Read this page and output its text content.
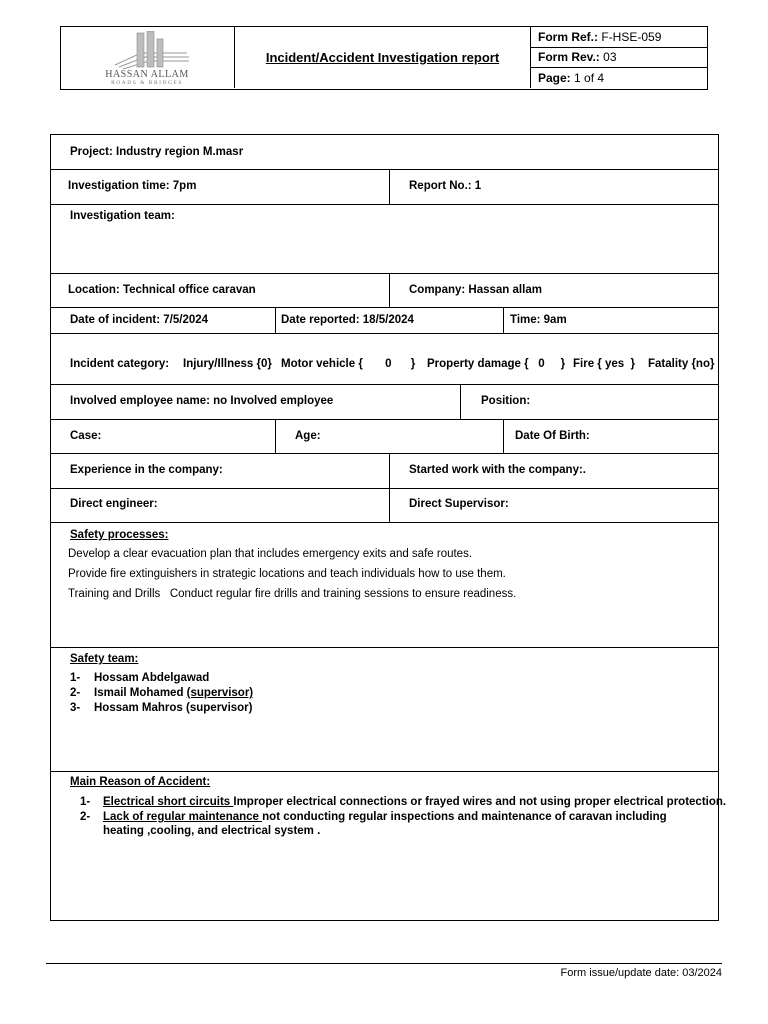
HASSAN ALLAM
ROADS & BRIDGES
Incident/Accident Investigation report
Form Ref.:
F-HSE-059
Form Rev.:
03
Page:
1 of 4
Project: Industry region M.masr
Investigation time: 7pm	Report No.: 1
Investigation team:
Location: Technical office caravan	Company: Hassan allam
Date of incident: 7/5/2024	Date reported: 18/5/2024	Time: 9am
Incident category: Injury/Illness {0} Motor vehicle {       0      } Property damage {   0     } Fire { yes  } Fatality {no}
Involved employee name: no Involved employee	Position:
Case:	Age:	Date Of Birth:
Experience in the company:	Started work with the company:.
Direct engineer:	Direct Supervisor:
Safety processes:
Develop a clear evacuation plan that includes emergency exits and safe routes.
Provide fire extinguishers in strategic locations and teach individuals how to use them.
Training and Drills   Conduct regular fire drills and training sessions to ensure readiness.
Safety team:
1- Hossam Abdelgawad
2- Ismail Mohamed (supervisor)
3- Hossam Mahros (supervisor)
Main Reason of Accident:
1- Electrical short circuits Improper electrical connections or frayed wires and not using proper electrical protection.
2- Lack of regular maintenance not conducting regular inspections and maintenance of caravan including
heating ,cooling, and electrical system .
Form issue/update date: 03/2024
